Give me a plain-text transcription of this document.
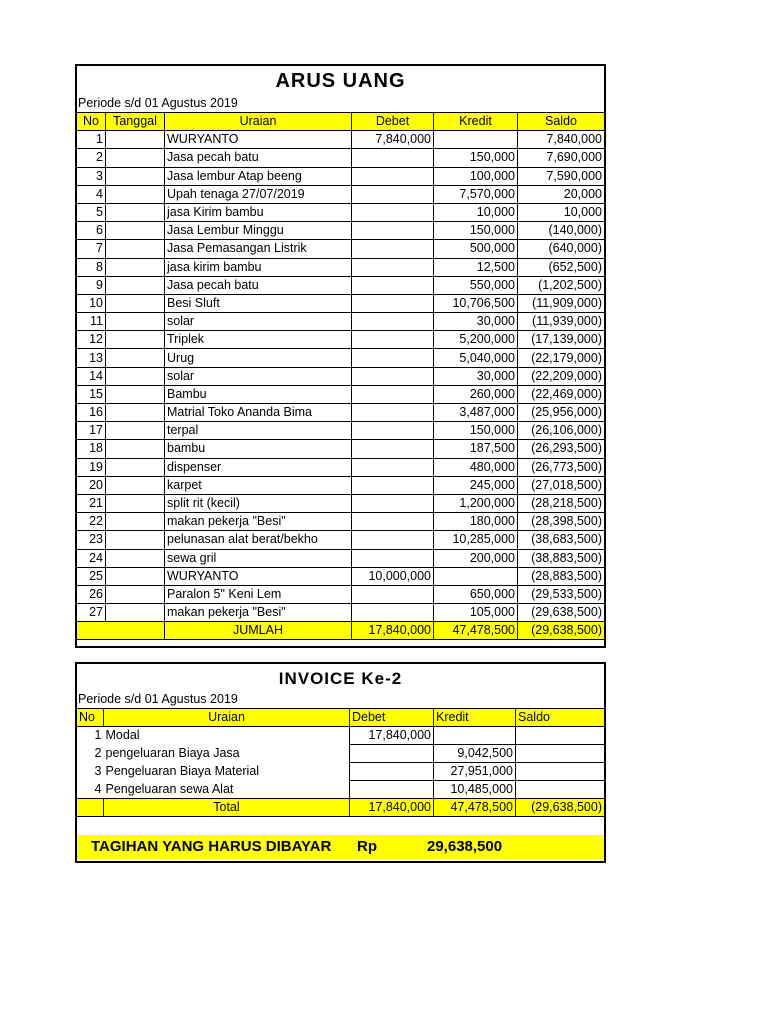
ARUS UANG
Periode s/d 01 Agustus 2019
No	Tanggal	Uraian	Debet	Kredit	Saldo
1		WURYANTO	7,840,000		7,840,000
2		Jasa pecah batu		150,000	7,690,000
3		Jasa lembur Atap beeng		100,000	7,590,000
4		Upah tenaga 27/07/2019		7,570,000	20,000
5		jasa Kirim bambu		10,000	10,000
6		Jasa Lembur Minggu		150,000	(140,000)
7		Jasa Pemasangan Listrik		500,000	(640,000)
8		jasa kirim bambu		12,500	(652,500)
9		Jasa pecah batu		550,000	(1,202,500)
10		Besi Sluft		10,706,500	(11,909,000)
11		solar		30,000	(11,939,000)
12		Triplek		5,200,000	(17,139,000)
13		Urug		5,040,000	(22,179,000)
14		solar		30,000	(22,209,000)
15		Bambu		260,000	(22,469,000)
16		Matrial Toko Ananda Bima		3,487,000	(25,956,000)
17		terpal		150,000	(26,106,000)
18		bambu		187,500	(26,293,500)
19		dispenser		480,000	(26,773,500)
20		karpet		245,000	(27,018,500)
21		split rit (kecil)		1,200,000	(28,218,500)
22		makan pekerja "Besi"		180,000	(28,398,500)
23		pelunasan alat berat/bekho		10,285,000	(38,683,500)
24		sewa gril		200,000	(38,883,500)
25		WURYANTO	10,000,000		(28,883,500)
26		Paralon 5" Keni Lem		650,000	(29,533,500)
27		makan pekerja "Besi"		105,000	(29,638,500)
		JUMLAH	17,840,000	47,478,500	(29,638,500)
INVOICE Ke-2
Periode s/d 01 Agustus 2019
No	Uraian	Debet	Kredit	Saldo
1	Modal	17,840,000		
2	pengeluaran Biaya Jasa		9,042,500	
3	Pengeluaran Biaya Material		27,951,000	
4	Pengeluaran sewa Alat		10,485,000	
	Total	17,840,000	47,478,500	(29,638,500)
TAGIHAN YANG HARUS DIBAYAR Rp	29,638,500
